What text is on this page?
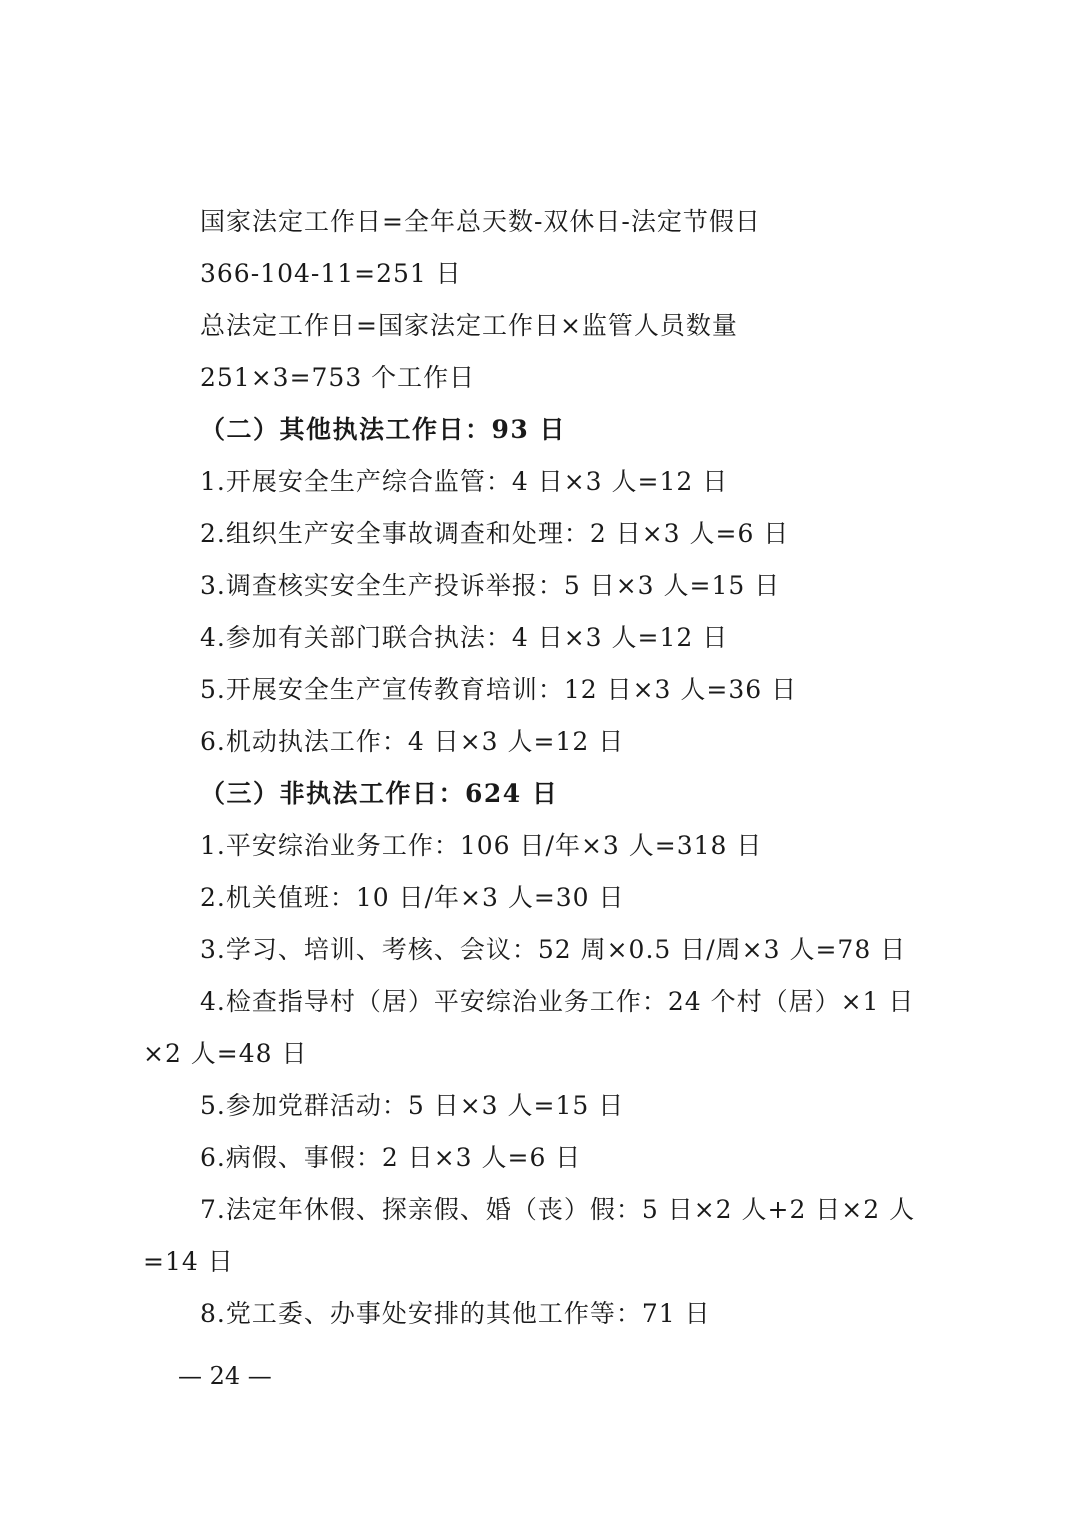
国家法定工作日=全年总天数-双休日-法定节假日
366-104-11=251 日
总法定工作日=国家法定工作日×监管人员数量
251×3=753 个工作日
（二）其他执法工作日：93 日
1.开展安全生产综合监管：4 日×3 人=12 日
2.组织生产安全事故调查和处理：2 日×3 人=6 日
3.调查核实安全生产投诉举报：5 日×3 人=15 日
4.参加有关部门联合执法：4 日×3 人=12 日
5.开展安全生产宣传教育培训：12 日×3 人=36 日
6.机动执法工作：4 日×3 人=12 日
（三）非执法工作日：624 日
1.平安综治业务工作：106 日/年×3 人=318 日
2.机关值班：10 日/年×3 人=30 日
3.学习、培训、考核、会议：52 周×0.5 日/周×3 人=78 日
4.检查指导村（居）平安综治业务工作：24 个村（居）×1 日
×2 人=48 日
5.参加党群活动：5 日×3 人=15 日
6.病假、事假：2 日×3 人=6 日
7.法定年休假、探亲假、婚（丧）假：5 日×2 人+2 日×2 人
=14 日
8.党工委、办事处安排的其他工作等：71 日
— 24 —
